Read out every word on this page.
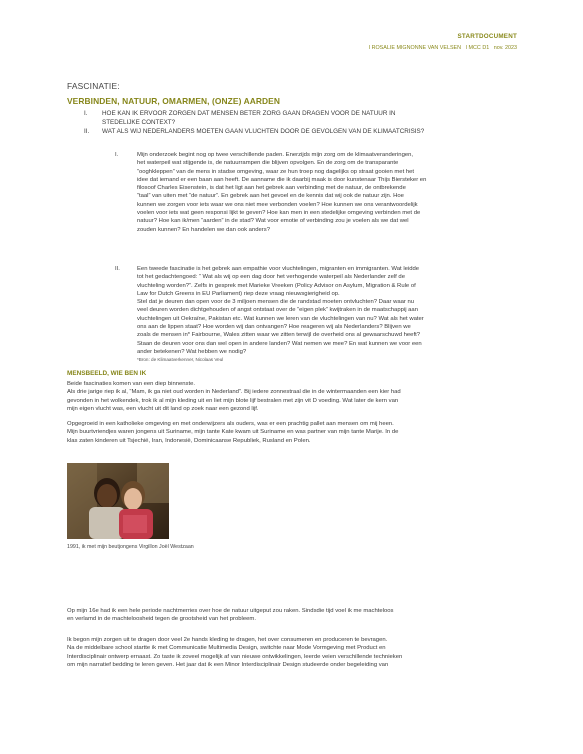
STARTDOCUMENT
I ROSALIE MIGNONNE VAN VELSEN I MCC D1 nov. 2023
FASCINATIE:
VERBINDEN, NATUUR, OMARMEN, (ONZE) AARDEN
I. HOE KAN IK ERVOOR ZORGEN DAT MENSEN BETER ZORG GAAN DRAGEN VOOR DE NATUUR IN STEDELIJKE CONTEXT?
II. WAT ALS WIJ NEDERLANDERS MOETEN GAAN VLUCHTEN DOOR DE GEVOLGEN VAN DE KLIMAATCRISIS?
I.	Mijn onderzoek begint nog op twee verschillende paden. Enerzijds mijn zorg om de klimaatveranderingen,
het waterpeil wat stijgende is, de natuurrampen die blijven opvolgen. En de zorg om de transparante
“ooghkleppen” van de mens in stadse omgeving, waar ze hun troep nog dagelijks op straat gooien met het
idee dat iemand er een baan aan heeft. De aanname die ik daarbij maak is door kunstenaar Thijs Biersteker en
filosoof Charles Eisenstein, is dat het ligt aan het gebrek aan verbinding met de natuur, de ontbrekende
“taal” van uiten met “de natuur”. En gebrek aan het gevoel en de kennis dat wij ook de natuur zijn. Hoe
kunnen we zorgen voor iets waar we ons niet mee verbonden voelen? Hoe kunnen we ons verantwoordelijk
voelen voor iets wat geen responsi lijkt te geven? Hoe kan men in een stedelijke omgeving verbinden met de
natuur? Hoe kan ik/men “aarden” in de stad? Wat voor emotie of verbinding zou je voelen als we dat wel
zouden kunnen? En handelen we dan ook anders?
II.	Een tweede fascinatie is het gebrek aan empathie voor vluchtelingen, migranten en immigranten. Wat leidde
tot het gedachtengoed: “ Wat als wij op een dag door het verhogende waterpeil als Nederlander zelf de
vluchteling worden?”. Zelfs in gesprek met Marieke Vreeken (Policy Advisor on Asylum, Migration & Rule of
Law for Dutch Greens in EU Parliament) riep deze vraag nieuwsgierigheid op.
Stel dat je deuren dan open voor de 3 miljoen mensen die de randstad moeten ontvluchten? Daar waar nu
veel deuren worden dichtgehouden of angst ontstaat over de “eigen plek” kwijtraken in de maatschappij aan
vluchtelingen uit Oekraïne, Pakistan etc. Wat kunnen we leren van de vluchtelingen van nu? Wat als het water
ons aan de lippen staat? Hoe worden wij dan ontvangen? Hoe reageren wij als Nederlanders? Blijven we
zoals de mensen in* Fairbourne, Wales zitten waar we zitten terwijl de overheid ons al gewaarschuwd heeft?
Staan de deuren voor ons dan wel open in andere landen? Wat nemen we mee? En wat kunnen we voor een
ander betekenen? Wat hebben we nodig?
*Bron: de Klimaatverkenner, Nicolaas Veul
MENSBEELD, WIE BEN IK
Beide fascinaties komen van een diep binnenste.
Als drie jarige riep ik al, “Mam, ik ga niet oud worden in Nederland”. Bij iedere zonnestraal die in de wintermaanden een kier had
gevonden in het wolkendek, trok ik al mijn kleding uit en liet mijn blote lijf bestralen met zijn vit D voeding. Wat later de kern van
mijn eigen vlucht was, een vlucht uit dit land op zoek naar een gezond lijf.
Opgegroeid in een katholieke omgeving en met onderwijzers als ouders, was er een prachtig pallet aan mensen om mij heen.
Mijn buurtvriendjes waren jongens uit Suriname, mijn tante Kate kwam uit Suriname en was partner van mijn tante Marije. In de
klas zaten kinderen uit Tsjechië, Iran, Indonesië, Dominicaanse Republiek, Rusland en Polen.
1991, ik met mijn beutjongens Virgillon Joël Westzaan
Op mijn 16e had ik een hele periode nachtmerries over hoe de natuur uitgeput zou raken. Sindsdie tijd voel ik me machteloos
en verlamd in de machteloosheid tegen de grootsheid van het probleem.
Ik begon mijn zorgen uit te dragen door veel 2e hands kleding te dragen, het over consumeren en produceren te bevragen.
Na de middelbare school startte ik met Communicatie Multimedia Design, switchte naar Mode Vormgeving met Product en
Interdisciplinair ontwerp ernaast. Zo taste ik zoveel mogelijk af van nieuwe ontwikkelingen, leerde veien verschillende technieken
om mijn narratief bedding te leren geven. Het jaar dat ik een Minor Interdisciplinair Design studeerde onder begeleiding van
